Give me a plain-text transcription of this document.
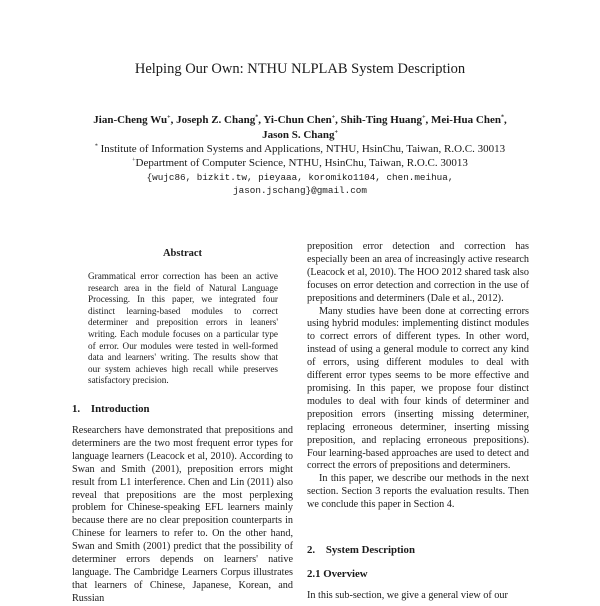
Helping Our Own: NTHU NLPLAB System Description
Jian-Cheng Wu+, Joseph Z. Chang*, Yi-Chun Chen+, Shih-Ting Huang+, Mei-Hua Chen*,
Jason S. Chang+
* Institute of Information Systems and Applications, NTHU, HsinChu, Taiwan, R.O.C. 30013
+Department of Computer Science, NTHU, HsinChu, Taiwan, R.O.C. 30013
{wujc86, bizkit.tw, pieyaaa, koromiko1104, chen.meihua,
jason.jschang}@gmail.com
Abstract

Grammatical error correction has been an active research area in the field of Natural Language Processing. In this paper, we integrated four distinct learning-based modules to correct determiner and preposition errors in leaners' writing. Each module focuses on a particular type of error. Our modules were tested in well-formed data and learners' writing. The results show that our system achieves high recall while preserves satisfactory precision.

1.    Introduction

Researchers have demonstrated that prepositions and determiners are the two most frequent error types for language learners (Leacock et al, 2010). According to Swan and Smith (2001), preposition errors might result from L1 interference. Chen and Lin (2011) also reveal that prepositions are the most perplexing problem for Chinese-speaking EFL learners mainly because there are no clear preposition counterparts in Chinese for learners to refer to. On the other hand, Swan and Smith (2001) predict that the possibility of determiner errors depends on learners' native language. The Cambridge Learners Corpus illustrates that learners of Chinese, Japanese, Korean, and Russian

preposition error detection and correction has especially been an area of increasingly active research (Leacock et al, 2010). The HOO 2012 shared task also focuses on error detection and correction in the use of prepositions and determiners (Dale et al., 2012).

Many studies have been done at correcting errors using hybrid modules: implementing distinct modules to correct errors of different types. In other word, instead of using a general module to correct any kind of errors, using different modules to deal with different error types seems to be more effective and promising. In this paper, we propose four distinct modules to deal with four kinds of determiner and preposition errors (inserting missing determiner, replacing erroneous determiner, inserting missing preposition, and replacing erroneous prepositions). Four learning-based approaches are used to detect and correct the errors of prepositions and determiners.

In this paper, we describe our methods in the next section. Section 3 reports the evaluation results. Then we conclude this paper in Section 4.

2.    System Description
2.1 Overview

In this sub-section, we give a general view of our
